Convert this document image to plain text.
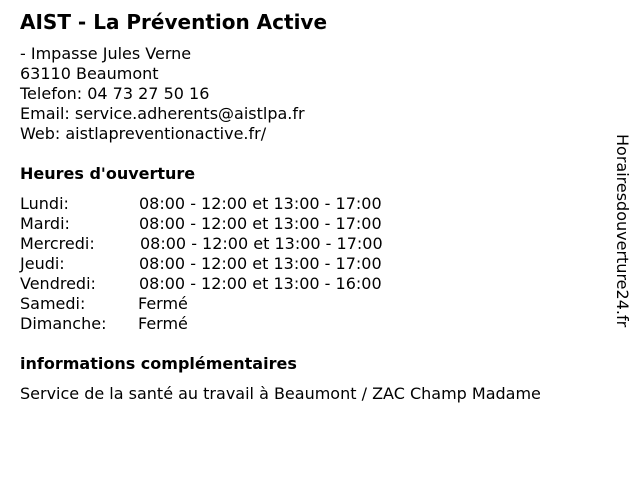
AIST - La Prévention Active
- Impasse Jules Verne
63110 Beaumont
Telefon: 04 73 27 50 16
Email: service.adherents@aistlpa.fr
Web: aistlapreventionactive.fr/
Heures d'ouverture
Lundi:	08:00 - 12:00 et 13:00 - 17:00
Mardi:	08:00 - 12:00 et 13:00 - 17:00
Mercredi:	08:00 - 12:00 et 13:00 - 17:00
Jeudi:	08:00 - 12:00 et 13:00 - 17:00
Vendredi:	08:00 - 12:00 et 13:00 - 16:00
Samedi:	Fermé
Dimanche: Fermé
informations complémentaires
Service de la santé au travail à Beaumont / ZAC Champ Madame
Horairesdouverture24.fr
